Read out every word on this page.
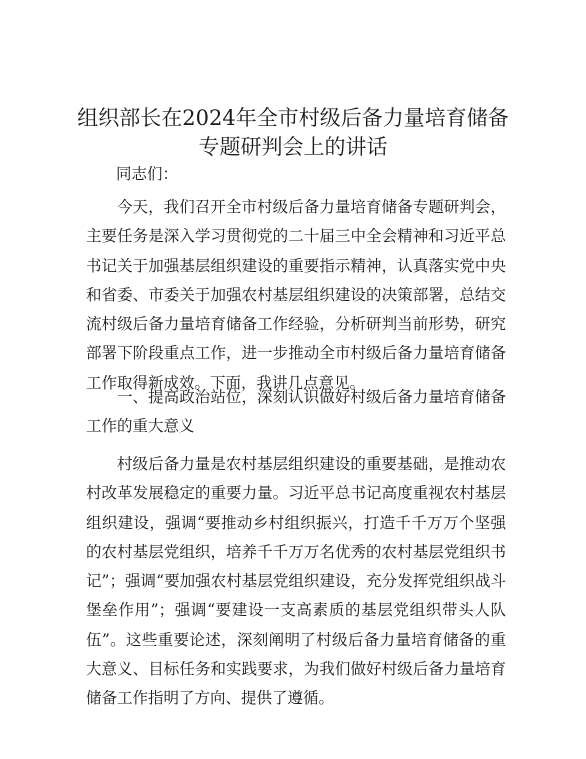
组织部长在2024年全市村级后备力量培育储备
专题研判会上的讲话

同志们：

今天，我们召开全市村级后备力量培育储备专题研判会，主要任务是深入学习贯彻党的二十届三中全会精神和习近平总书记关于加强基层组织建设的重要指示精神，认真落实党中央和省委、市委关于加强农村基层组织建设的决策部署，总结交流村级后备力量培育储备工作经验，分析研判当前形势，研究部署下阶段重点工作，进一步推动全市村级后备力量培育储备工作取得新成效。下面，我讲几点意见。

一、提高政治站位，深刻认识做好村级后备力量培育储备工作的重大意义

村级后备力量是农村基层组织建设的重要基础，是推动农村改革发展稳定的重要力量。习近平总书记高度重视农村基层组织建设，强调“要推动乡村组织振兴，打造千千万万个坚强的农村基层党组织，培养千千万万名优秀的农村基层党组织书记”；强调“要加强农村基层党组织建设，充分发挥党组织战斗堡垒作用”；强调“要建设一支高素质的基层党组织带头人队伍”。这些重要论述，深刻阐明了村级后备力量培育储备的重大意义、目标任务和实践要求，为我们做好村级后备力量培育储备工作指明了方向、提供了遵循。
